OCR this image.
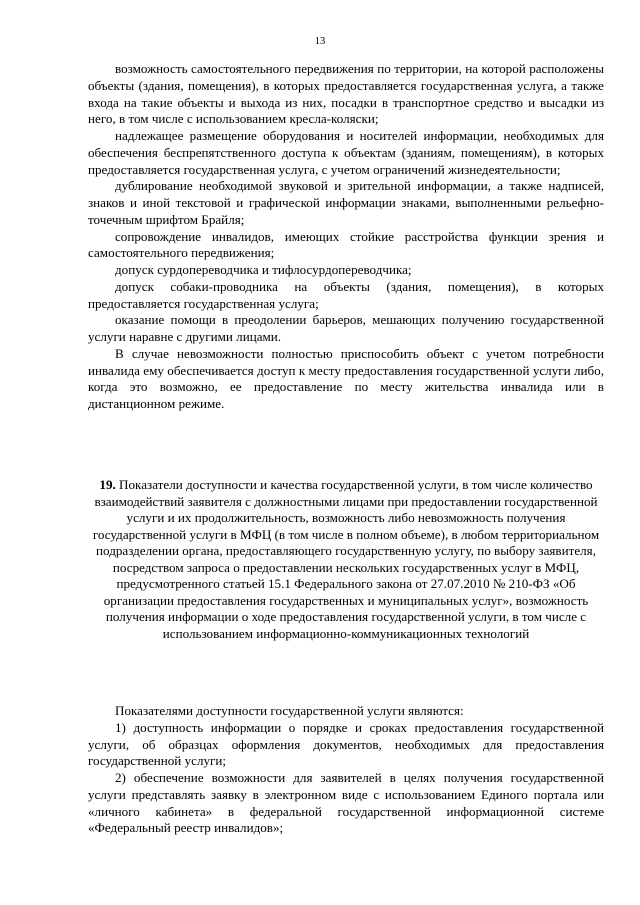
13

возможность самостоятельного передвижения по территории, на которой расположены объекты (здания, помещения), в которых предоставляется государственная услуга, а также входа на такие объекты и выхода из них, посадки в транспортное средство и высадки из него, в том числе с использованием кресла-коляски;

надлежащее размещение оборудования и носителей информации, необходимых для обеспечения беспрепятственного доступа к объектам (зданиям, помещениям), в которых предоставляется государственная услуга, с учетом ограничений жизнедеятельности;

дублирование необходимой звуковой и зрительной информации, а также надписей, знаков и иной текстовой и графической информации знаками, выполненными рельефно-точечным шрифтом Брайля;

сопровождение инвалидов, имеющих стойкие расстройства функции зрения и самостоятельного передвижения;

допуск сурдопереводчика и тифлосурдопереводчика;

допуск собаки-проводника на объекты (здания, помещения), в которых предоставляется государственная услуга;

оказание помощи в преодолении барьеров, мешающих получению государственной услуги наравне с другими лицами.

В случае невозможности полностью приспособить объект с учетом потребности инвалида ему обеспечивается доступ к месту предоставления государственной услуги либо, когда это возможно, ее предоставление по месту жительства инвалида или в дистанционном режиме.

19. Показатели доступности и качества государственной услуги, в том числе количество взаимодействий заявителя с должностными лицами при предоставлении государственной услуги и их продолжительность, возможность либо невозможность получения государственной услуги в МФЦ (в том числе в полном объеме), в любом территориальном подразделении органа, предоставляющего государственную услугу, по выбору заявителя, посредством запроса о предоставлении нескольких государственных услуг в МФЦ, предусмотренного статьей 15.1 Федерального закона от 27.07.2010 № 210-ФЗ «Об организации предоставления государственных и муниципальных услуг», возможность получения информации о ходе предоставления государственной услуги, в том числе с использованием информационно-коммуникационных технологий

Показателями доступности государственной услуги являются:

1) доступность информации о порядке и сроках предоставления государственной услуги, об образцах оформления документов, необходимых для предоставления государственной услуги;

2) обеспечение возможности для заявителей в целях получения государственной услуги представлять заявку в электронном виде с использованием Единого портала или «личного кабинета» в федеральной государственной информационной системе «Федеральный реестр инвалидов»;
